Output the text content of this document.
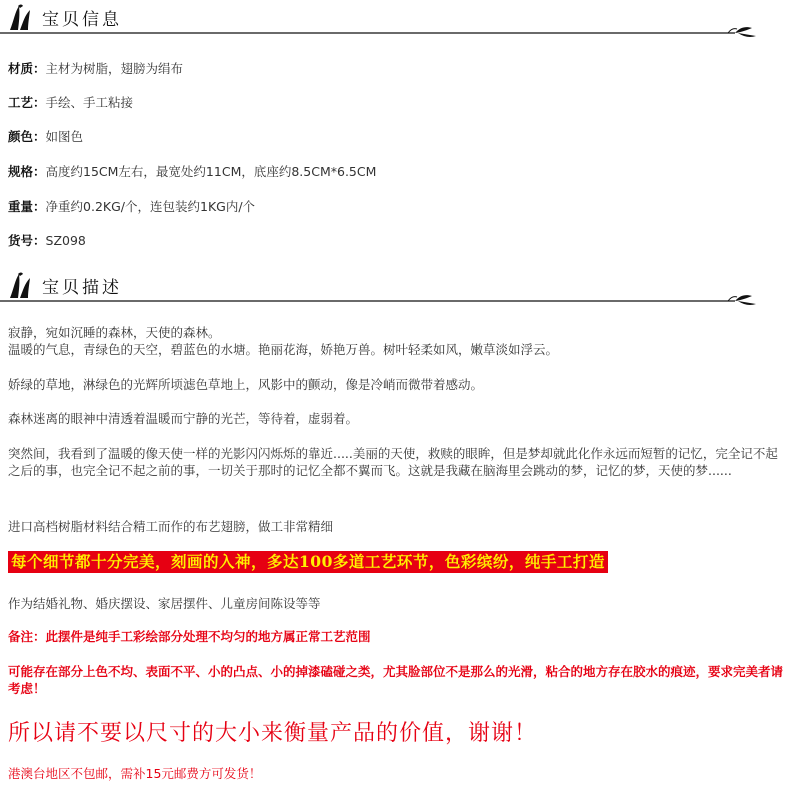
宝贝信息
材质：主材为树脂，翅膀为绢布
工艺：手绘、手工粘接
颜色：如图色
规格：高度约15CM左右，最宽处约11CM，底座约8.5CM*6.5CM
重量：净重约0.2KG/个，连包装约1KG内/个
货号：SZ098
宝贝描述
寂静，宛如沉睡的森林，天使的森林。
温暖的气息，青绿色的天空，碧蓝色的水塘。艳丽花海，娇艳万兽。树叶轻柔如风，嫩草淡如浮云。
娇绿的草地，淋绿色的光辉所顷滤色草地上，风影中的颤动，像是冷峭而微带着感动。
森林迷离的眼神中清透着温暖而宁静的光芒，等待着，虚弱着。
突然间，我看到了温暖的像天使一样的光影闪闪烁烁的靠近.....美丽的天使，救赎的眼眸，但是梦却就此化作永远而短暂的记忆，完全记不起之后的事，也完全记不起之前的事，一切关于那时的记忆全都不翼而飞。这就是我藏在脑海里会跳动的梦，记忆的梦，天使的梦......
进口高档树脂材料结合精工而作的布艺翅膀，做工非常精细
每个细节都十分完美，刻画的入神，多达100多道工艺环节，色彩缤纷，纯手工打造
作为结婚礼物、婚庆摆设、家居摆件、儿童房间陈设等等
备注：此摆件是纯手工彩绘部分处理不均匀的地方属正常工艺范围
可能存在部分上色不均、表面不平、小的凸点、小的掉漆磕碰之类，尤其脸部位不是那么的光滑，粘合的地方存在胶水的痕迹，要求完美者请考虑！
所以请不要以尺寸的大小来衡量产品的价值，谢谢！
港澳台地区不包邮，需补15元邮费方可发货！
